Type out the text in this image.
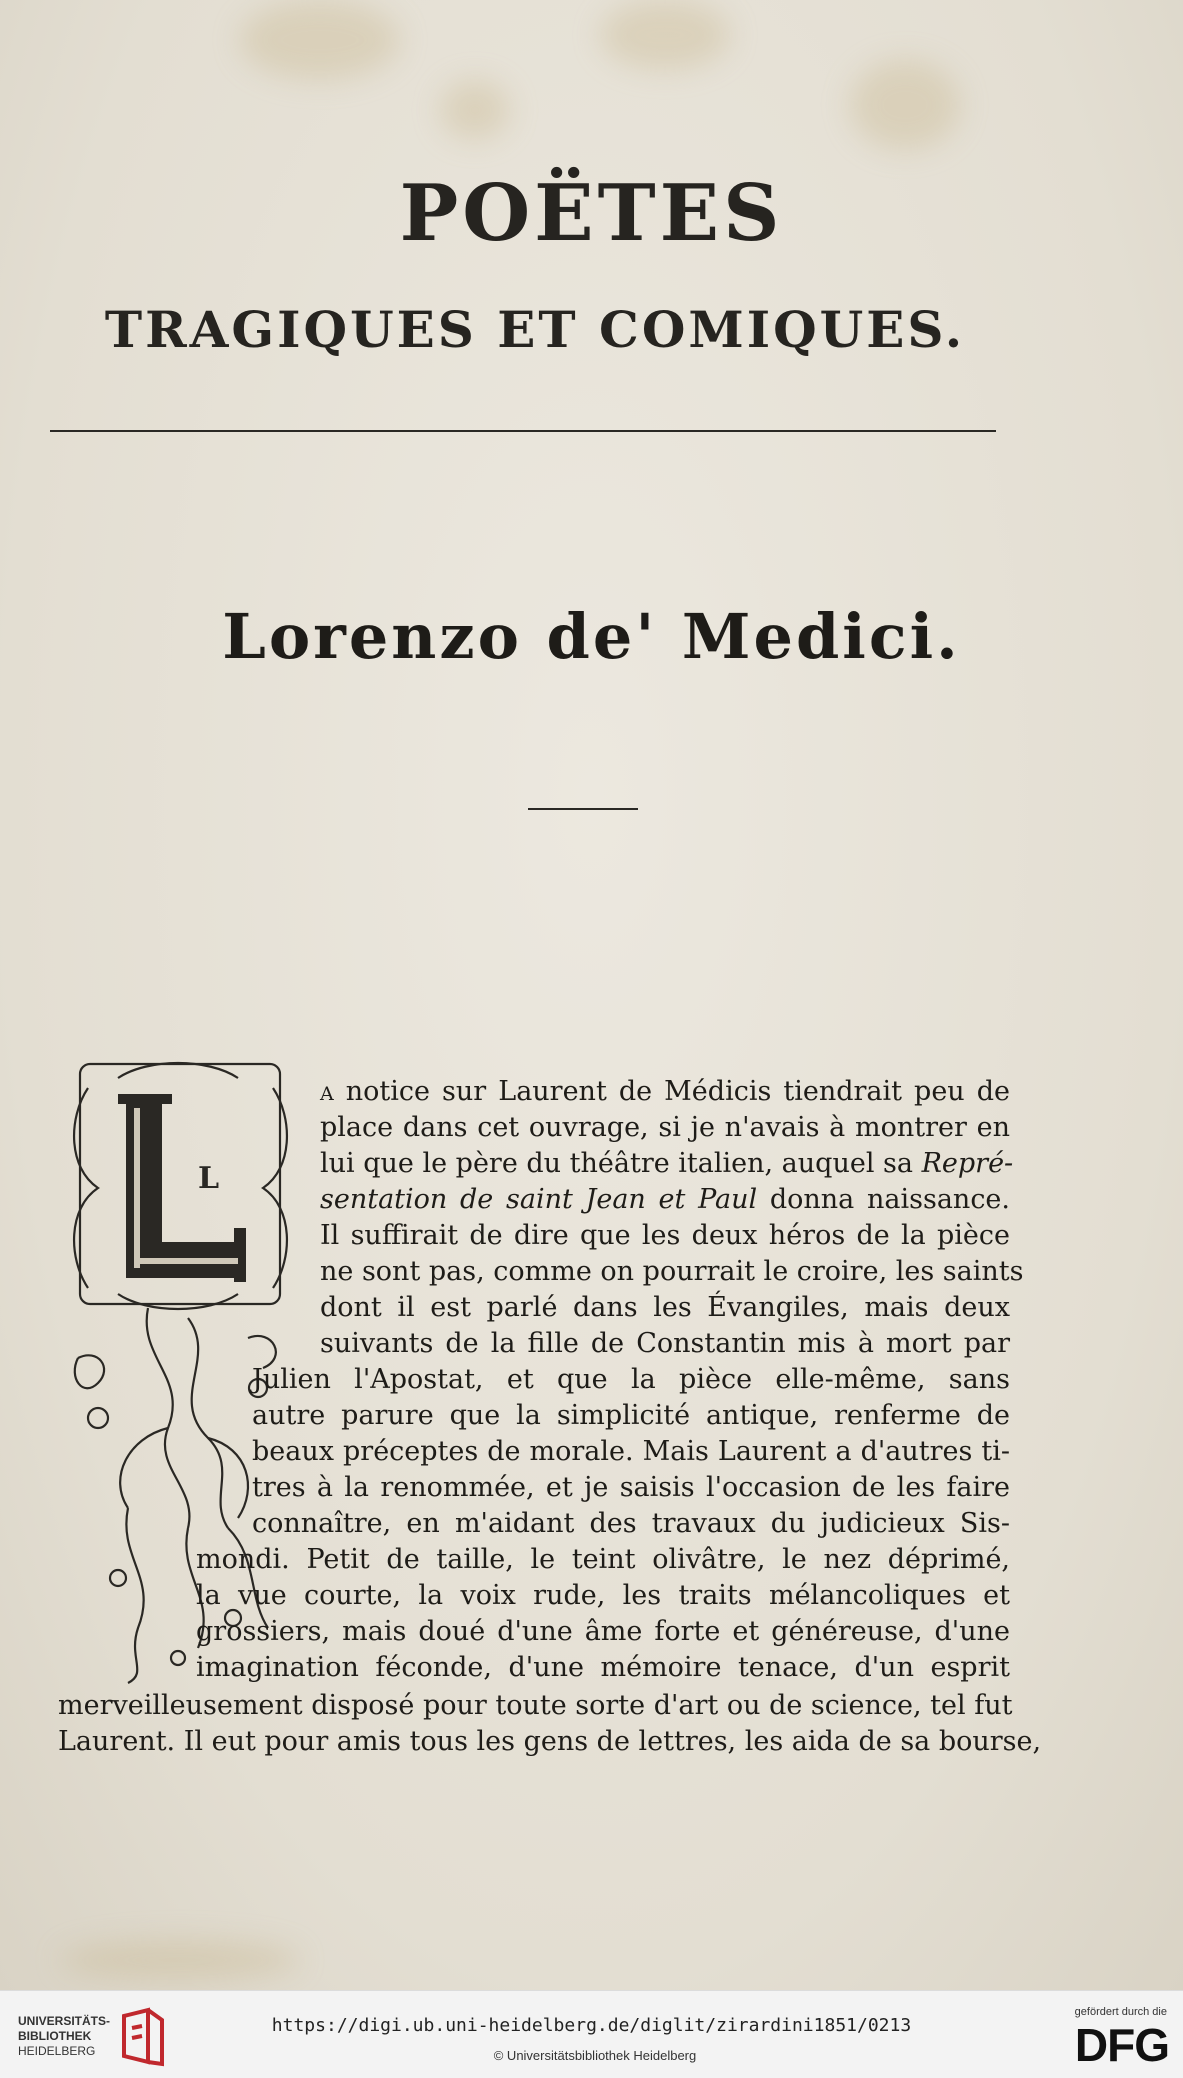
POËTES
TRAGIQUES ET COMIQUES.
Lorenzo de' Medici.
L
a notice sur Laurent de Médicis tiendrait peu de
place dans cet ouvrage, si je n'avais à montrer en
lui que le père du théâtre italien, auquel sa Repré-
sentation de saint Jean et Paul donna naissance.
Il suffirait de dire que les deux héros de la pièce
ne sont pas, comme on pourrait le croire, les saints
dont il est parlé dans les Évangiles, mais deux
suivants de la fille de Constantin mis à mort par
Julien l'Apostat, et que la pièce elle-même, sans
autre parure que la simplicité antique, renferme de
beaux préceptes de morale. Mais Laurent a d'autres ti-
tres à la renommée, et je saisis l'occasion de les faire
connaître, en m'aidant des travaux du judicieux Sis-
mondi. Petit de taille, le teint olivâtre, le nez déprimé,
la vue courte, la voix rude, les traits mélancoliques et
grossiers, mais doué d'une âme forte et généreuse, d'une
imagination féconde, d'une mémoire tenace, d'un esprit
merveilleusement disposé pour toute sorte d'art ou de science, tel fut
Laurent. Il eut pour amis tous les gens de lettres, les aida de sa bourse,
UNIVERSITÄTS-
BIBLIOTHEK
HEIDELBERG
https://digi.ub.uni-heidelberg.de/diglit/zirardini1851/0213
© Universitätsbibliothek Heidelberg
gefördert durch die
DFG
